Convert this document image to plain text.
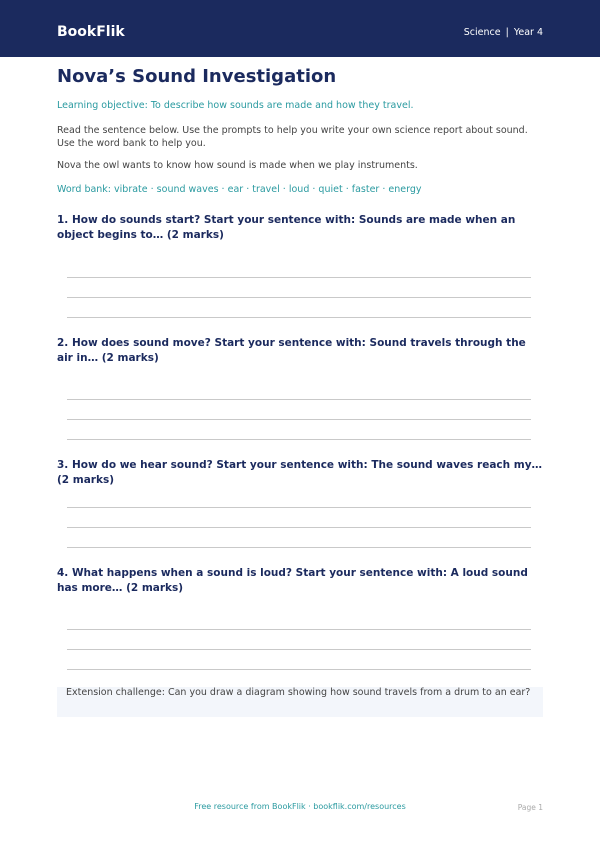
BookFlik	Science | Year 4
Nova’s Sound Investigation
Learning objective: To describe how sounds are made and how they travel.
Read the sentence below. Use the prompts to help you write your own science report about sound. Use the word bank to help you.
Nova the owl wants to know how sound is made when we play instruments.
Word bank: vibrate · sound waves · ear · travel · loud · quiet · faster · energy

1. How do sounds start? Start your sentence with: Sounds are made when an object begins to… (2 marks)

2. How does sound move? Start your sentence with: Sound travels through the air in… (2 marks)

3. How do we hear sound? Start your sentence with: The sound waves reach my… (2 marks)

4. What happens when a sound is loud? Start your sentence with: A loud sound has more… (2 marks)

Extension challenge: Can you draw a diagram showing how sound travels from a drum to an ear?
Free resource from BookFlik · bookflik.com/resources	Page 1
